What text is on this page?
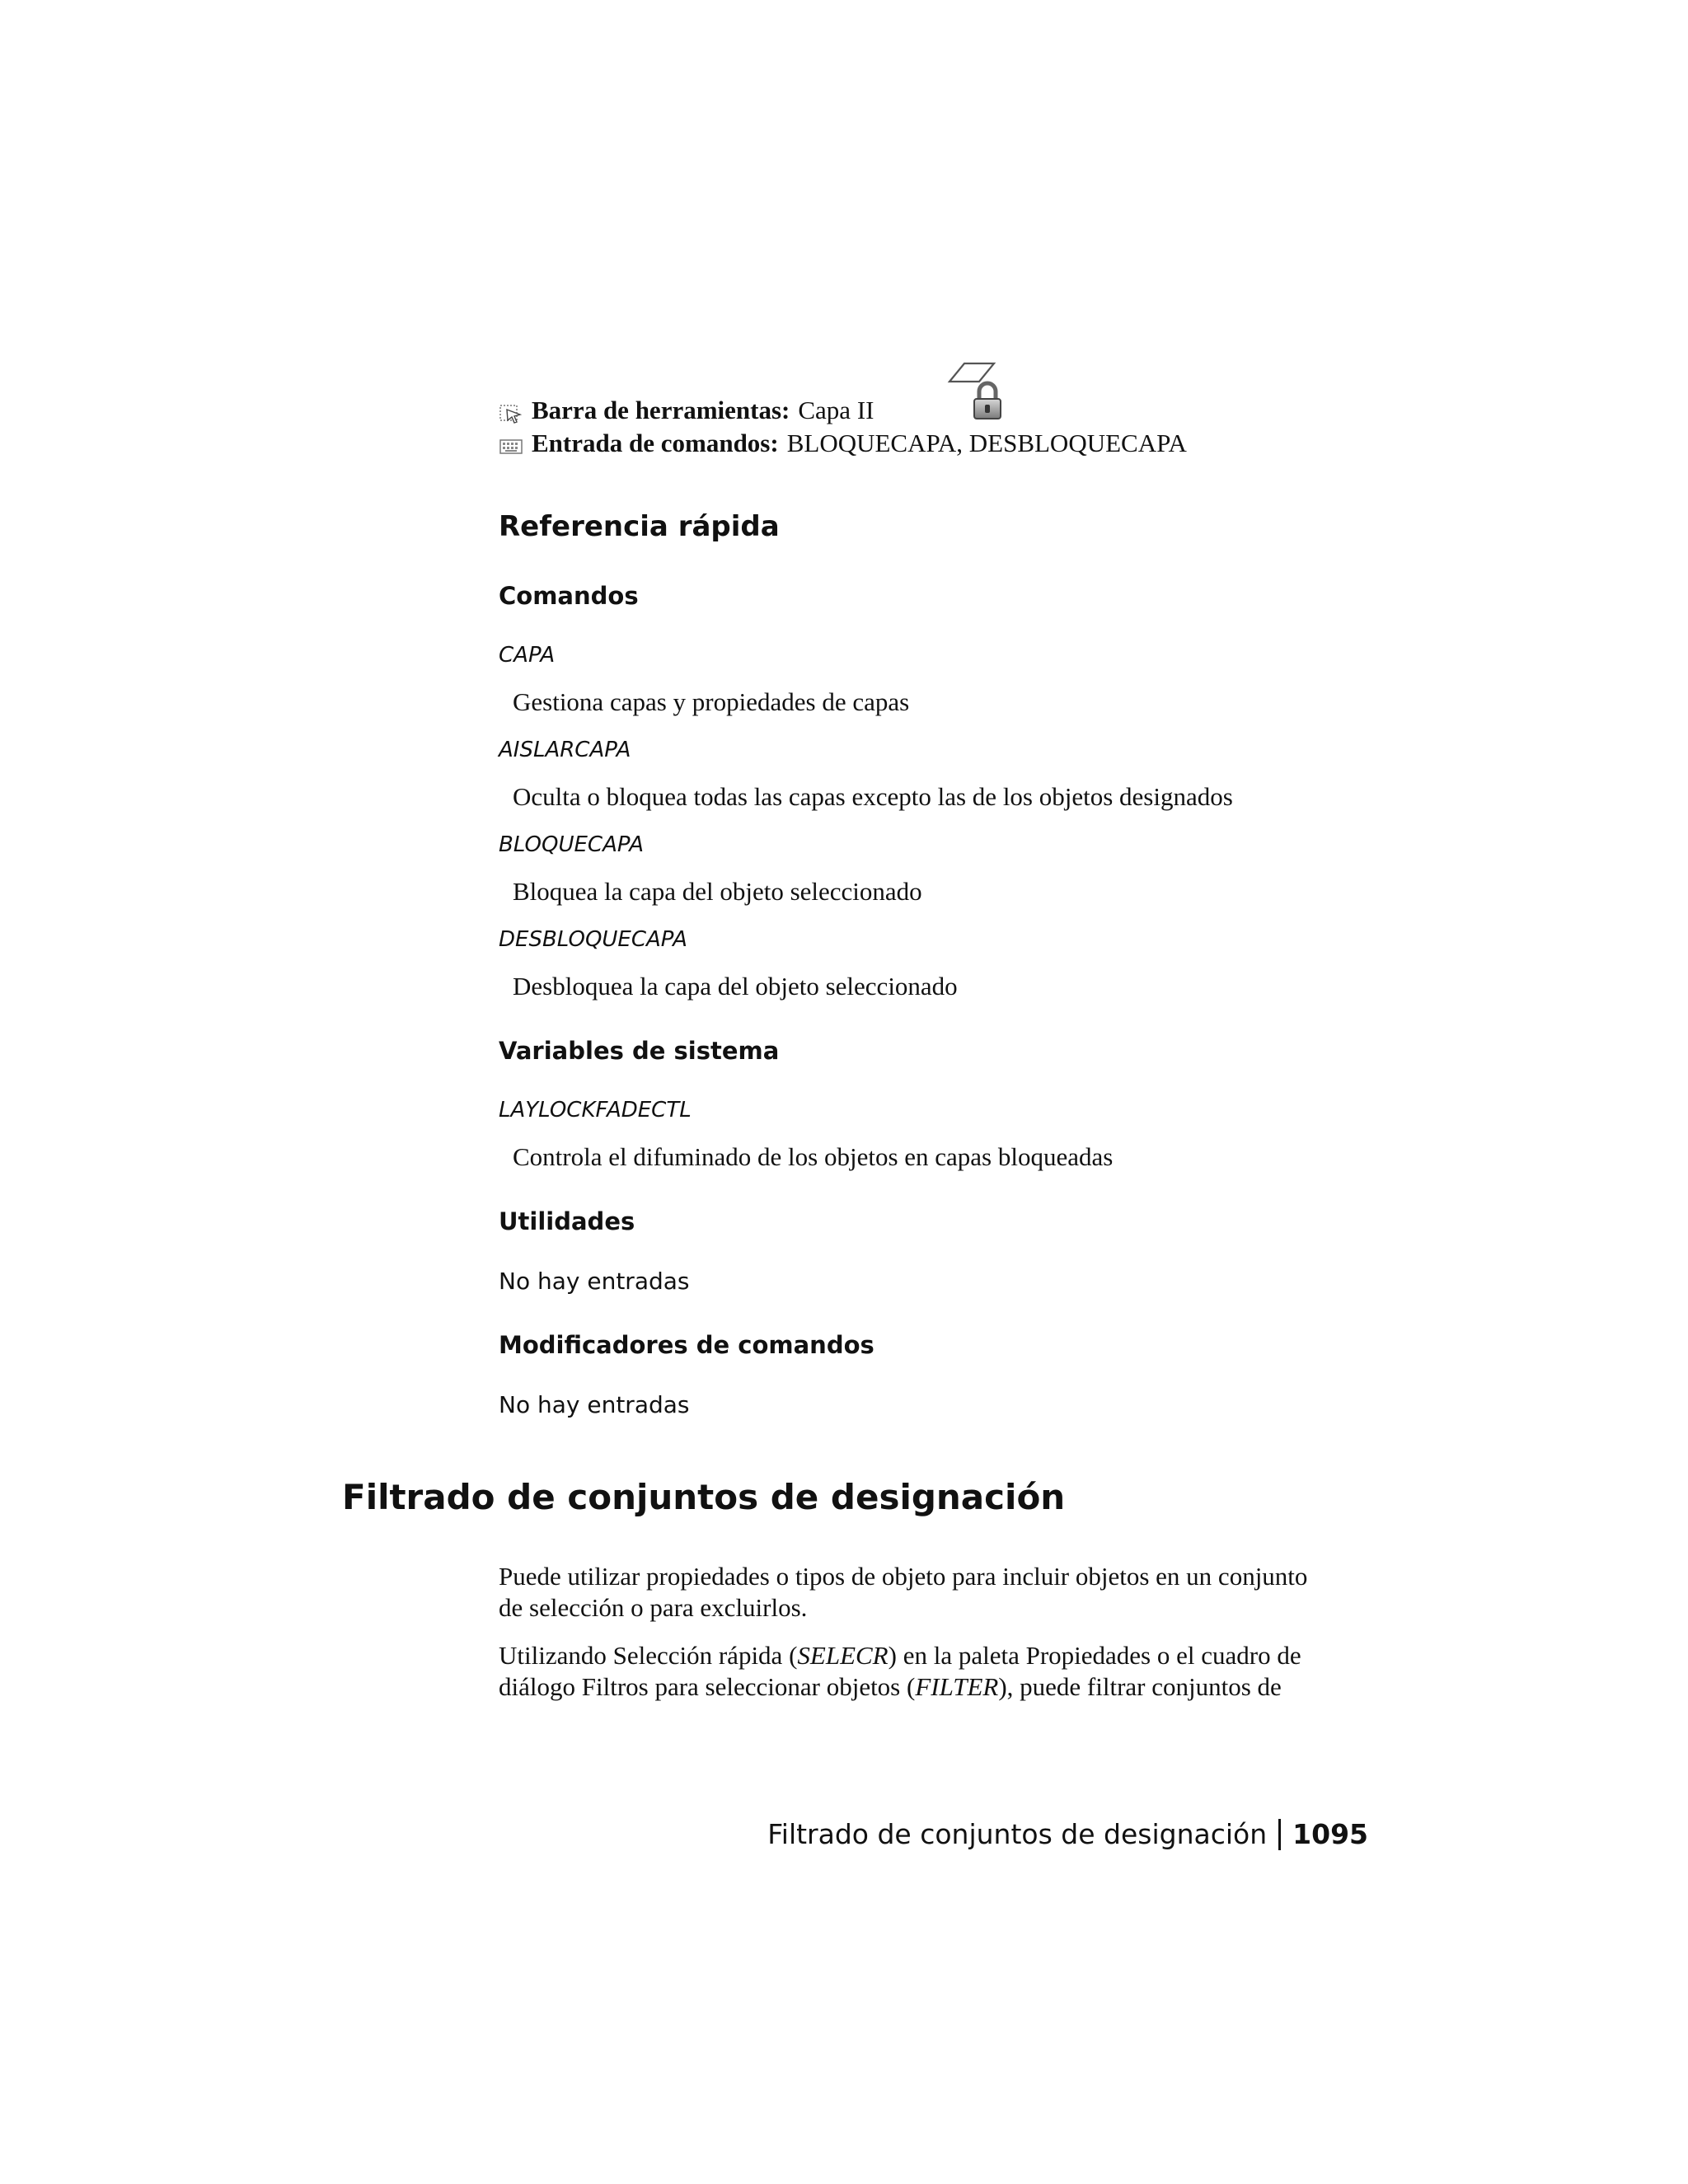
Barra de herramientas: Capa II
Entrada de comandos: BLOQUECAPA, DESBLOQUECAPA
Referencia rápida
Comandos
CAPA
Gestiona capas y propiedades de capas
AISLARCAPA
Oculta o bloquea todas las capas excepto las de los objetos designados
BLOQUECAPA
Bloquea la capa del objeto seleccionado
DESBLOQUECAPA
Desbloquea la capa del objeto seleccionado
Variables de sistema
LAYLOCKFADECTL
Controla el difuminado de los objetos en capas bloqueadas
Utilidades
No hay entradas
Modificadores de comandos
No hay entradas
Filtrado de conjuntos de designación

Puede utilizar propiedades o tipos de objeto para incluir objetos en un conjunto
de selección o para excluirlos.

Utilizando Selección rápida (SELECR) en la paleta Propiedades o el cuadro de
diálogo Filtros para seleccionar objetos (FILTER), puede filtrar conjuntos de

Filtrado de conjuntos de designación 1095
